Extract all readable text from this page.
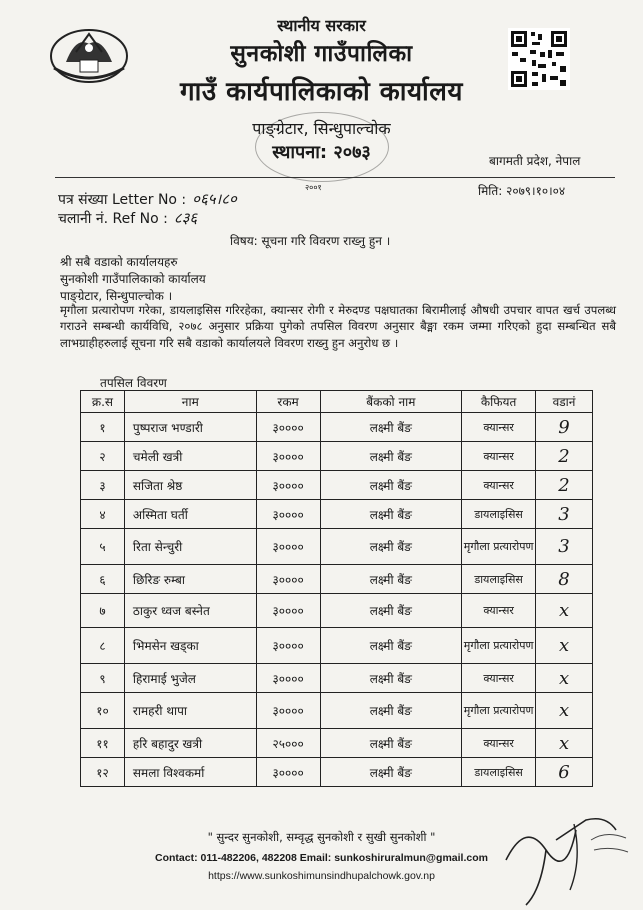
स्थानीय सरकार
सुनकोशी गाउँपालिका
गाउँ कार्यपालिकाको कार्यालय
पाङ्ग्रेटार, सिन्धुपाल्चोक
स्थापना: २०७३
२००१
बागमती प्रदेश, नेपाल
पत्र संख्या Letter No : ०६५।८०
चलानी नं. Ref No : ८३६
मिति: २०७९।१०।०४
विषय: सूचना गरि विवरण राख्नु हुन ।
श्री सबै वडाको कार्यालयहरु
सुनकोशी गाउँपालिकाको कार्यालय
पाङ्ग्रेटार, सिन्धुपाल्चोक ।
मृगौला प्रत्यारोपण गरेका, डायलाइसिस गरिरहेका, क्यान्सर रोगी र मेरुदण्ड पक्षघातका बिरामीलाई औषधी उपचार वापत खर्च उपलब्ध गराउने सम्बन्धी कार्यविधि, २०७८ अनुसार प्रक्रिया पुगेको तपसिल विवरण अनुसार बैङ्मा रकम जम्मा गरिएको हुदा सम्बन्धित सबै लाभग्राहीहरुलाई सूचना गरि सबै वडाको कार्यालयले विवरण राख्नु हुन अनुरोध छ ।
तपसिल विवरण
क्र.स	नाम	रकम	बैंकको नाम	कैफियत	वडानं
१	पुष्पराज भण्डारी	३००००	लक्ष्मी बैंङ	क्यान्सर	9
२	चमेली खत्री	३००००	लक्ष्मी बैंङ	क्यान्सर	2
३	सजिता श्रेष्ठ	३००००	लक्ष्मी बैंङ	क्यान्सर	2
४	अस्मिता घर्ती	३००००	लक्ष्मी बैंङ	डायलाइसिस	3
५	रिता सेन्चुरी	३००००	लक्ष्मी बैंङ	मृगौला प्रत्यारोपण	3
६	छिरिङ रुम्बा	३००००	लक्ष्मी बैंङ	डायलाइसिस	8
७	ठाकुर ध्वज बस्नेत	३००००	लक्ष्मी बैंङ	क्यान्सर	x
८	भिमसेन खड्का	३००००	लक्ष्मी बैंङ	मृगौला प्रत्यारोपण	x
९	हिरामाई भुजेल	३००००	लक्ष्मी बैंङ	क्यान्सर	x
१०	रामहरी थापा	३००००	लक्ष्मी बैंङ	मृगौला प्रत्यारोपण	x
११	हरि बहादुर खत्री	२५०००	लक्ष्मी बैंङ	क्यान्सर	x
१२	समला विश्वकर्मा	३००००	लक्ष्मी बैंङ	डायलाइसिस	6
" सुन्दर सुनकोशी, सम्वृद्ध सुनकोशी र सुखी सुनकोशी "
Contact: 011-482206, 482208 Email: sunkoshiruralmun@gmail.com
https://www.sunkoshimunsindhupalchowk.gov.np
